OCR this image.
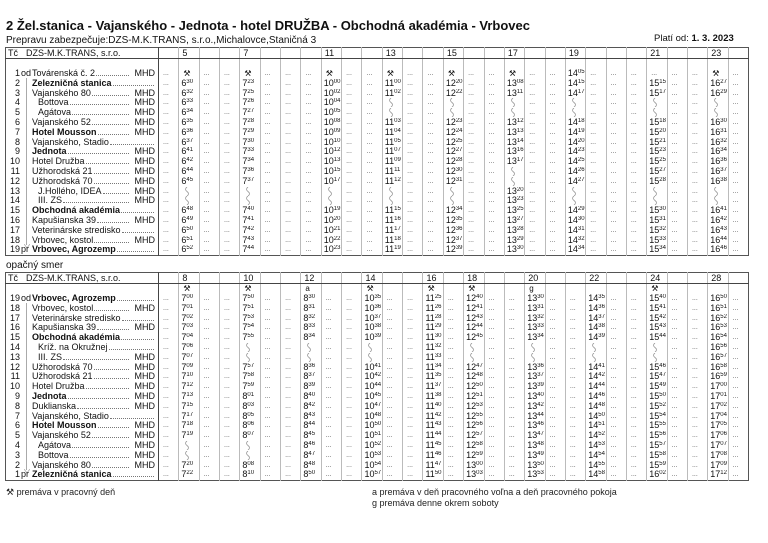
2 Žel.stanica - Vajanského - Jednota - hotel DRUŽBA - Obchodná akadémia - Vrbovec
Platí od: 1. 3. 2023
Prepravu zabezpečuje:DZS-M.K.TRANS, s.r.o.,Michalovce,Staničná 3
Tč DZS-M.K.TRANS, s.r.o.		5			7				11			13			15			17			19				21			23	

1 od Továrenská č. 2 MHD	...	⚒	...	...	⚒	...	...	...	⚒	...	...	⚒	...	...	⚒	...	...	⚒	...	...	$14^{05}$	...	...	...	...	...	...	⚒	...

2 Železničná stanica	...	$6^{30}$	...	...	$7^{23}$	...	...	...	$10^{00}$	...	...	$11^{00}$	...	...	$12^{20}$	...	...	$13^{08}$	...	...	$14^{15}$	...	...	...	$15^{15}$	...	...	$16^{27}$	...

3 Vajanského 80 MHD	...	$6^{32}$	...	...	$7^{25}$	...	...	...	$10^{02}$	...	...	$11^{02}$	...	...	$12^{22}$	...	...	$13^{11}$	...	...	$14^{17}$	...	...	...	$15^{17}$	...	...	$16^{29}$	...

4 Bottova MHD	...	$6^{33}$	...	...	$7^{26}$	...	...	...	$10^{04}$	...	...		...	...		...	...		...	...		...	...	...		...	...		...

5 Agátova MHD	...	$6^{34}$	...	...	$7^{27}$	...	...	...	$10^{05}$	...	...		...	...		...	...		...	...		...	...	...		...	...		...

6 Vajanského 52 MHD	...	$6^{35}$	...	...	$7^{28}$	...	...	...	$10^{08}$	...	...	$11^{03}$	...	...	$12^{23}$	...	...	$13^{12}$	...	...	$14^{18}$	...	...	...	$15^{18}$	...	...	$16^{30}$	...

7 Hotel Mousson MHD	...	$6^{36}$	...	...	$7^{29}$	...	...	...	$10^{09}$	...	...	$11^{04}$	...	...	$12^{24}$	...	...	$13^{13}$	...	...	$14^{19}$	...	...	...	$15^{20}$	...	...	$16^{31}$	...

8 Vajanského, Stadio	...	$6^{37}$	...	...	$7^{30}$	...	...	...	$10^{10}$	...	...	$11^{05}$	...	...	$12^{25}$	...	...	$13^{14}$	...	...	$14^{20}$	...	...	...	$15^{21}$	...	...	$16^{32}$	...

9 Jednota MHD	...	$6^{41}$	...	...	$7^{33}$	...	...	...	$10^{12}$	...	...	$11^{07}$	...	...	$12^{27}$	...	...	$13^{16}$	...	...	$14^{23}$	...	...	...	$15^{23}$	...	...	$16^{34}$	...

10 Hotel Družba MHD	...	$6^{42}$	...	...	$7^{34}$	...	...	...	$10^{13}$	...	...	$11^{09}$	...	...	$12^{28}$	...	...	$13^{17}$	...	...	$14^{25}$	...	...	...	$15^{25}$	...	...	$16^{36}$	...

11 Užhorodská 21 MHD	...	$6^{44}$	...	...	$7^{36}$	...	...	...	$10^{15}$	...	...	$11^{11}$	...	...	$12^{30}$	...	...		...	...	$14^{26}$	...	...	...	$15^{27}$	...	...	$16^{37}$	...

12 Užhorodská 70 MHD	...	$6^{45}$	...	...	$7^{37}$	...	...	...	$10^{17}$	...	...	$11^{12}$	...	...	$12^{31}$	...	...		...	...	$14^{27}$	...	...	...	$15^{28}$	...	...	$16^{38}$	...

13 J.Hollého, IDEA MHD	...		...	...		...	...	...		...	...		...	...		...	...	$13^{20}$	...	...		...	...	...		...	...		...

14 III. ZŠ MHD	...		...	...		...	...	...		...	...		...	...		...	...	$13^{23}$	...	...		...	...	...		...	...		...

15 Obchodná akadémia	...	$6^{48}$	...	...	$7^{40}$	...	...	...	$10^{19}$	...	...	$11^{15}$	...	...	$12^{34}$	...	...	$13^{25}$	...	...	$14^{29}$	...	...	...	$15^{30}$	...	...	$16^{41}$	...

16 Kapušianska 39 MHD	...	$6^{49}$	...	...	$7^{41}$	...	...	...	$10^{20}$	...	...	$11^{16}$	...	...	$12^{35}$	...	...	$13^{27}$	...	...	$14^{30}$	...	...	...	$15^{31}$	...	...	$16^{42}$	...

17 Veterinárske stredisko	...	$6^{50}$	...	...	$7^{42}$	...	...	...	$10^{21}$	...	...	$11^{17}$	...	...	$12^{36}$	...	...	$13^{28}$	...	...	$14^{31}$	...	...	...	$15^{32}$	...	...	$16^{43}$	...

18 Vrbovec, kostol MHD	...	$6^{51}$	...	...	$7^{43}$	...	...	...	$10^{22}$	...	...	$11^{18}$	...	...	$12^{37}$	...	...	$13^{29}$	...	...	$14^{32}$	...	...	...	$15^{33}$	...	...	$16^{44}$	...

19 pr Vrbovec, Agrozemp	...	$6^{52}$	...	...	$7^{44}$	...	...	...	$10^{23}$	...	...	$11^{19}$	...	...	$12^{39}$	...	...	$13^{30}$	...	...	$14^{34}$	...	...	...	$15^{34}$	...	...	$16^{46}$	...
opačný smer
Tč DZS-M.K.TRANS, s.r.o.		8			10			12			14			16		18			20			22			24			28	

		⚒			⚒			a			⚒			⚒		⚒			g						⚒				

19 od Vrbovec, Agrozemp	...	$7^{00}$	...	...	$7^{50}$	...	...	$8^{30}$	...	...	$10^{35}$	...	...	$11^{25}$	...	$12^{40}$	...	...	$13^{30}$	...	...	$14^{35}$	...	...	$15^{40}$	...	...	$16^{50}$	...

18 Vrbovec, kostol MHD	...	$7^{01}$	...	...	$7^{51}$	...	...	$8^{31}$	...	...	$10^{36}$	...	...	$11^{26}$	...	$12^{41}$	...	...	$13^{31}$	...	...	$14^{36}$	...	...	$15^{41}$	...	...	$16^{51}$	...

17 Veterinárske stredisko	...	$7^{02}$	...	...	$7^{53}$	...	...	$8^{32}$	...	...	$10^{37}$	...	...	$11^{28}$	...	$12^{43}$	...	...	$13^{32}$	...	...	$14^{37}$	...	...	$15^{42}$	...	...	$16^{52}$	...

16 Kapušianska 39 MHD	...	$7^{03}$	...	...	$7^{54}$	...	...	$8^{33}$	...	...	$10^{38}$	...	...	$11^{29}$	...	$12^{44}$	...	...	$13^{33}$	...	...	$14^{38}$	...	...	$15^{43}$	...	...	$16^{53}$	...

15 Obchodná akadémia	...	$7^{04}$	...	...	$7^{55}$	...	...	$8^{34}$	...	...	$10^{39}$	...	...	$11^{30}$	...	$12^{45}$	...	...	$13^{34}$	...	...	$14^{39}$	...	...	$15^{44}$	...	...	$16^{54}$	...

14 Kríž. na Okružnej	...	$7^{06}$	...	...		...	...		...	...		...	...	$11^{32}$	...		...	...		...	...		...	...		...	...	$16^{56}$	...

13 III. ZŠ MHD	...	$7^{07}$	...	...		...	...		...	...		...	...	$11^{33}$	...		...	...		...	...		...	...		...	...	$16^{57}$	...

12 Užhorodská 70 MHD	...	$7^{09}$	...	...	$7^{57}$	...	...	$8^{36}$	...	...	$10^{41}$	...	...	$11^{34}$	...	$12^{47}$	...	...	$13^{36}$	...	...	$14^{41}$	...	...	$15^{46}$	...	...	$16^{58}$	...

11 Užhorodská 21 MHD	...	$7^{10}$	...	...	$7^{58}$	...	...	$8^{37}$	...	...	$10^{42}$	...	...	$11^{35}$	...	$12^{48}$	...	...	$13^{37}$	...	...	$14^{42}$	...	...	$15^{47}$	...	...	$16^{59}$	...

10 Hotel Družba MHD	...	$7^{12}$	...	...	$7^{59}$	...	...	$8^{39}$	...	...	$10^{44}$	...	...	$11^{37}$	...	$12^{50}$	...	...	$13^{39}$	...	...	$14^{44}$	...	...	$15^{49}$	...	...	$17^{00}$	...

9 Jednota MHD	...	$7^{13}$	...	...	$8^{01}$	...	...	$8^{40}$	...	...	$10^{45}$	...	...	$11^{38}$	...	$12^{51}$	...	...	$13^{40}$	...	...	$14^{46}$	...	...	$15^{50}$	...	...	$17^{01}$	...

8 Duklianska MHD	...	$7^{15}$	...	...	$8^{03}$	...	...	$8^{42}$	...	...	$10^{47}$	...	...	$11^{40}$	...	$12^{53}$	...	...	$13^{42}$	...	...	$14^{48}$	...	...	$15^{52}$	...	...	$17^{02}$	...

7 Vajanského, Stadio	...	$7^{17}$	...	...	$8^{05}$	...	...	$8^{43}$	...	...	$10^{48}$	...	...	$11^{42}$	...	$12^{55}$	...	...	$13^{44}$	...	...	$14^{50}$	...	...	$15^{54}$	...	...	$17^{04}$	...

6 Hotel Mousson MHD	...	$7^{18}$	...	...	$8^{06}$	...	...	$8^{44}$	...	...	$10^{50}$	...	...	$11^{43}$	...	$12^{56}$	...	...	$13^{46}$	...	...	$14^{51}$	...	...	$15^{55}$	...	...	$17^{05}$	...

5 Vajanského 52 MHD	...	$7^{19}$	...	...	$8^{07}$	...	...	$8^{45}$	...	...	$10^{51}$	...	...	$11^{44}$	...	$12^{57}$	...	...	$13^{47}$	...	...	$14^{52}$	...	...	$15^{56}$	...	...	$17^{06}$	...

4 Agátova MHD	...		...	...		...	...	$8^{46}$	...	...	$10^{52}$	...	...	$11^{45}$	...	$12^{58}$	...	...	$13^{48}$	...	...	$14^{53}$	...	...	$15^{57}$	...	...	$17^{07}$	...

3 Bottova MHD	...		...	...		...	...	$8^{47}$	...	...	$10^{53}$	...	...	$11^{46}$	...	$12^{59}$	...	...	$13^{49}$	...	...	$14^{54}$	...	...	$15^{58}$	...	...	$17^{08}$	...

2 Vajanského 80 MHD	...	$7^{20}$	...	...	$8^{08}$	...	...	$8^{48}$	...	...	$10^{54}$	...	...	$11^{47}$	...	$13^{00}$	...	...	$13^{50}$	...	...	$14^{55}$	...	...	$15^{59}$	...	...	$17^{09}$	...

1 pr Železničná stanica	...	$7^{22}$	...	...	$8^{10}$	...	...	$8^{50}$	...	...	$10^{57}$	...	...	$11^{50}$	...	$13^{03}$	...	...	$13^{53}$	...	...	$14^{58}$	...	...	$16^{02}$	...	...	$17^{12}$	...
⚒ premáva v pracovný deň	a premáva v deň pracovného voľna a deň pracovného pokoja
g premáva denne okrem soboty
